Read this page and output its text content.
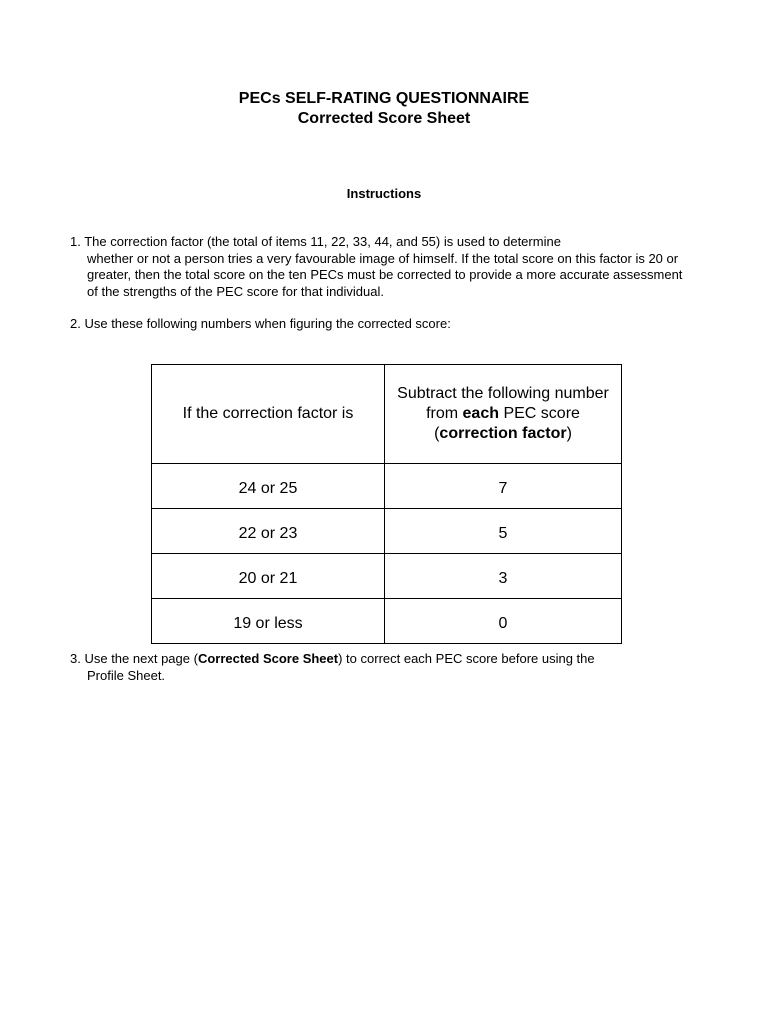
PECs SELF-RATING QUESTIONNAIRE
Corrected Score Sheet
Instructions
1. The correction factor (the total of items 11, 22, 33, 44, and 55) is used to determine
whether or not a person tries a very favourable image of himself. If the total score on this factor is 20 or greater, then the total score on the ten PECs must be corrected to provide a more accurate assessment of the strengths of the PEC score for that individual.
2. Use these following numbers when figuring the corrected score:
If the correction factor is	Subtract the following number from each PEC score (correction factor)
24 or 25	7
22 or 23	5
20 or 21	3
19 or less	0
3. Use the next page (Corrected Score Sheet) to correct each PEC score before using the
Profile Sheet.
